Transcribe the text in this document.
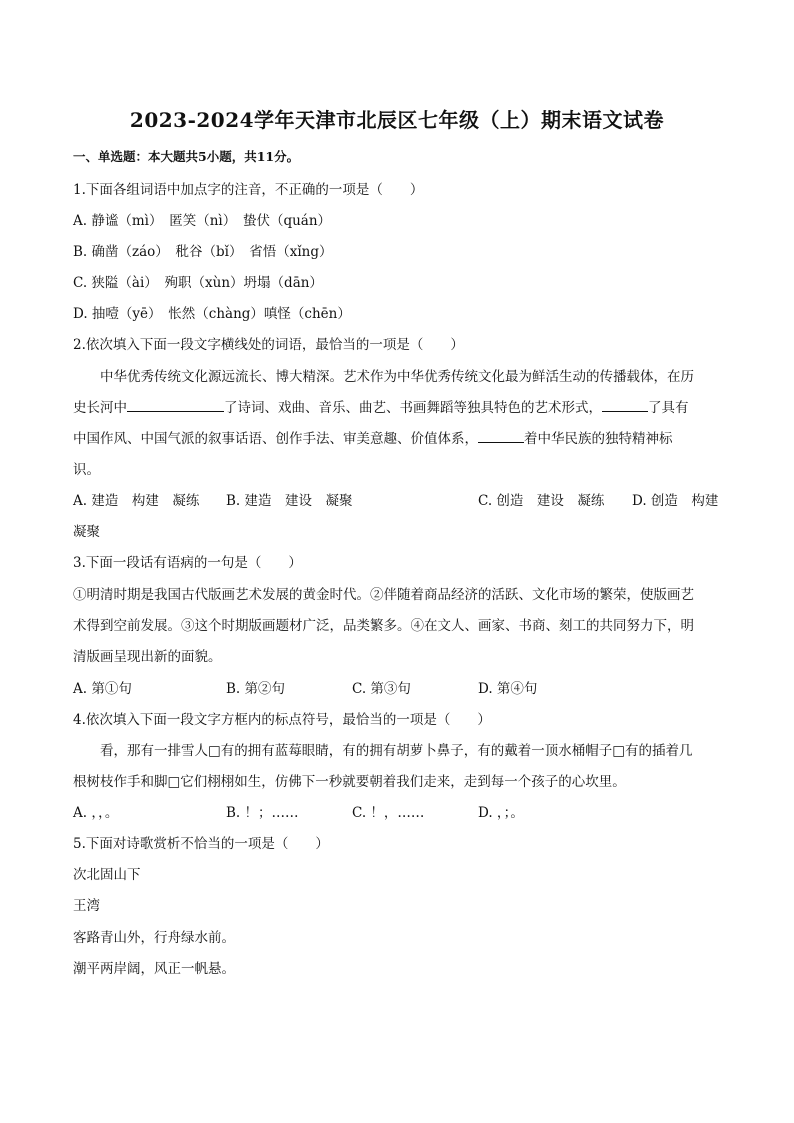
2023-2024学年天津市北辰区七年级（上）期末语文试卷
一、单选题：本大题共5小题，共11分。
1.下面各组词语中加点字的注音，不正确的一项是（　　）
A. 静谧（mì）　匿笑（nì）　蛰伏（quán）
B. 确凿（záo）　秕谷（bǐ）　省悟（xǐng）
C. 狭隘（ài）　殉职（xùn）坍塌（dān）
D. 抽噎（yē）　怅然（chàng）嗔怪（chēn）
2.依次填入下面一段文字横线处的词语，最恰当的一项是（　　）
中华优秀传统文化源远流长、博大精深。艺术作为中华优秀传统文化最为鲜活生动的传播载体，在历
史长河中	了诗词、戏曲、音乐、曲艺、书画舞蹈等独具特色的艺术形式，	了具有
中国作风、中国气派的叙事话语、创作手法、审美意趣、价值体系，	着中华民族的独特精神标
识。
A. 建造　构建　凝练 B. 建造　建设　凝聚	C. 创造　建设　凝练 D. 创造　构建
凝聚
3.下面一段话有语病的一句是（　　）
①明清时期是我国古代版画艺术发展的黄金时代。②伴随着商品经济的活跃、文化市场的繁荣，使版画艺
术得到空前发展。③这个时期版画题材广泛，品类繁多。④在文人、画家、书商、刻工的共同努力下，明
清版画呈现出新的面貌。
A. 第①句	B. 第②句	C. 第③句	D. 第④句
4.依次填入下面一段文字方框内的标点符号，最恰当的一项是（　　）
看，那有一排雪人□有的拥有蓝莓眼睛，有的拥有胡萝卜鼻子，有的戴着一顶水桶帽子□有的插着几
根树枝作手和脚□它们栩栩如生，仿佛下一秒就要朝着我们走来，走到每一个孩子的心坎里。
A. ，，。	B. ！；……	C. ！，……	D. ，；。
5.下面对诗歌赏析不恰当的一项是（　　）
次北固山下
王湾
客路青山外，行舟绿水前。
潮平两岸阔，风正一帆悬。
